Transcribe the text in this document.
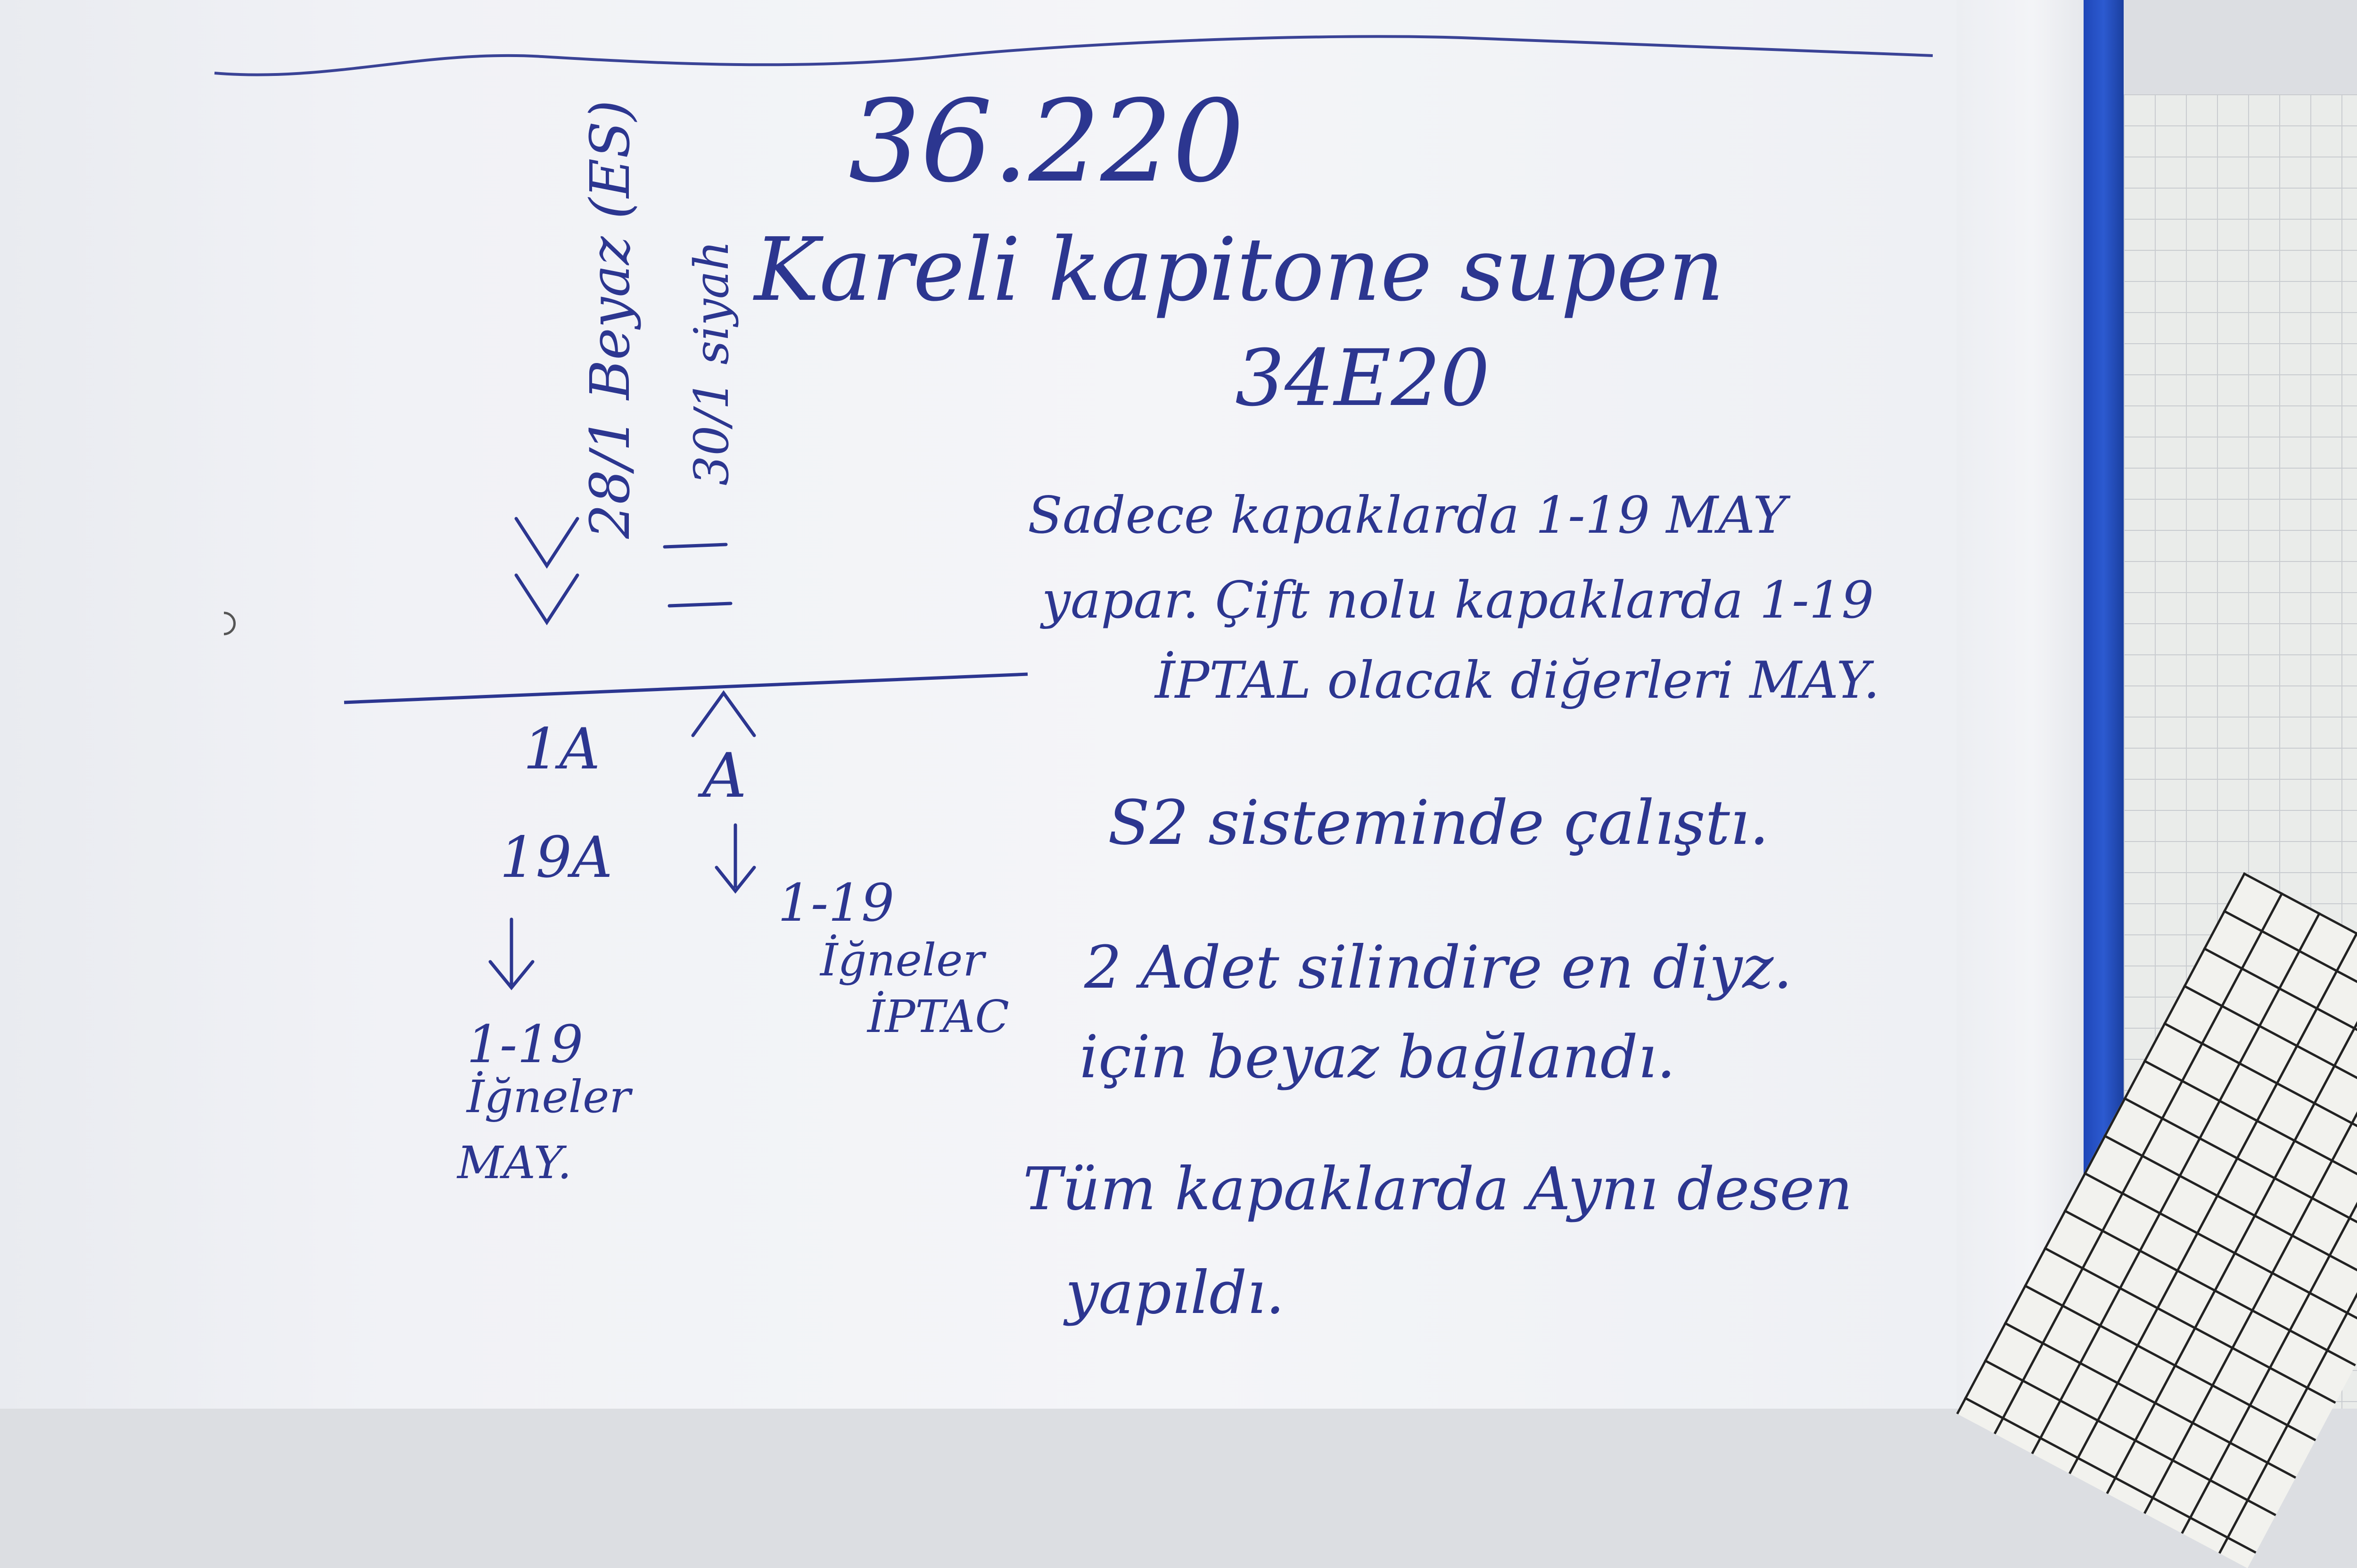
36.220

Kareli kapitone supen

34E20

28/1 Beyaz (ES) 30/1 siyah

1A

19A

1-19

İğneler

MAY.

A

1-19

İğneler

İPTAC

Sadece kapaklarda 1-19 MAY

yapar. Çift nolu kapaklarda 1-19

İPTAL olacak diğerleri MAY.

S2 sisteminde çalıştı.

2 Adet silindire en diyz.

için beyaz bağlandı.

Tüm kapaklarda Aynı desen

yapıldı.
